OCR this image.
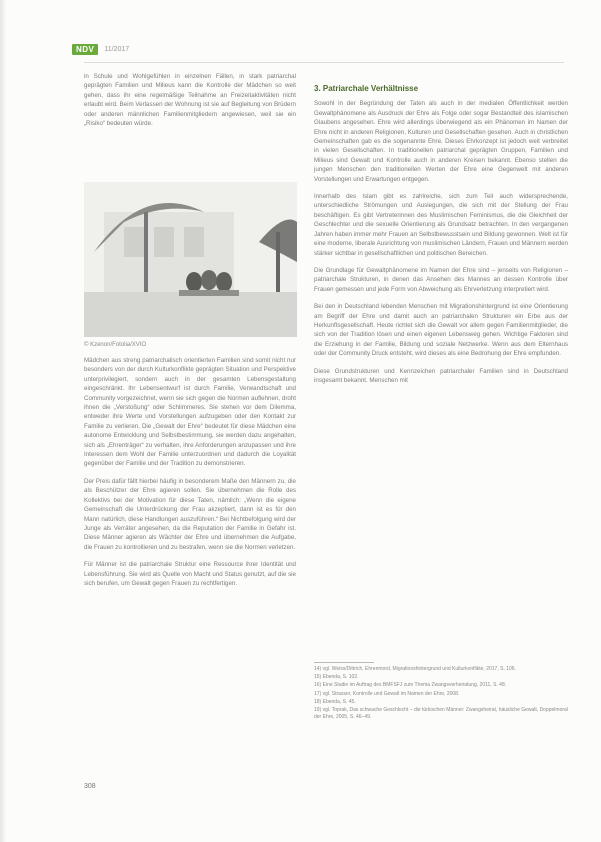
NDV	11/2017

in Schule und Wohlgefühlen in einzelnen Fällen, in stark patriarchal geprägten Familien und Milieus kann die Kontrolle der Mädchen so weit gehen, dass ihr eine regelmäßige Teilnahme an Freizeitaktivitäten nicht erlaubt wird. Beim Verlassen der Wohnung ist sie auf Begleitung von Brüdern oder anderen männlichen Familienmitgliedern angewiesen, weil sie ein „Risiko“ bedeuten würde.

© Kzenon/Fotolia/XVIO

Mädchen aus streng patriarchalisch orientierten Familien sind somit nicht nur besonders von der durch Kulturkonflikte geprägten Situation und Perspektive unterprivilegiert, sondern auch in der gesamten Lebensgestaltung eingeschränkt. Ihr Lebensentwurf ist durch Familie, Verwandtschaft und Community vorgezeichnet, wenn sie sich gegen die Normen auflehnen, droht ihnen die „Verstoßung“ oder Schlimmeres. Sie stehen vor dem Dilemma, entweder ihre Werte und Vorstellungen aufzugeben oder den Kontakt zur Familie zu verlieren. Die „Gewalt der Ehre“ bedeutet für diese Mädchen eine autonome Entwicklung und Selbstbestimmung, sie werden dazu angehalten, sich als „Ehrenträger“ zu verhalten, ihre Anforderungen anzupassen und ihre Interessen dem Wohl der Familie unterzuordnen und dadurch die Loyalität gegenüber der Familie und der Tradition zu demonstrieren.

Der Preis dafür fällt hierbei häufig in besonderem Maße den Männern zu, die als Beschützer der Ehre agieren sollen. Sie übernehmen die Rolle des Kollektivs bei der Motivation für diese Taten, nämlich: „Wenn die eigene Gemeinschaft die Unterdrückung der Frau akzeptiert, dann ist es für den Mann natürlich, diese Handlungen auszuführen.“ Bei Nichtbefolgung wird der Junge als Verräter angesehen, da die Reputation der Familie in Gefahr ist. Diese Männer agieren als Wächter der Ehre und übernehmen die Aufgabe, die Frauen zu kontrollieren und zu bestrafen, wenn sie die Normen verletzen.

Für Männer ist die patriarchale Struktur eine Ressource ihrer Identität und Lebensführung. Sie wird als Quelle von Macht und Status genutzt, auf die sie sich berufen, um Gewalt gegen Frauen zu rechtfertigen.

3. Patriarchale Verhältnisse

Sowohl in der Begründung der Taten als auch in der medialen Öffentlichkeit werden Gewaltphänomene als Ausdruck der Ehre als Folge oder sogar Bestandteil des islamischen Glaubens angesehen. Ehre wird allerdings überwiegend als ein Phänomen im Namen der Ehre nicht in anderen Religionen, Kulturen und Gesellschaften gesehen. Auch in christlichen Gemeinschaften gab es die sogenannte Ehre. Dieses Ehrkonzept ist jedoch weit verbreitet in vielen Gesellschaften. In traditionellen patriarchal geprägten Gruppen, Familien und Milieus sind Gewalt und Kontrolle auch in anderen Kreisen bekannt. Ebenso stellen die jungen Menschen den traditionellen Werten der Ehre eine Gegenwelt mit anderen Vorstellungen und Erwartungen entgegen.

Innerhalb des Islam gibt es zahlreiche, sich zum Teil auch widersprechende, unterschiedliche Strömungen und Auslegungen, die sich mit der Stellung der Frau beschäftigen. Es gibt Vertreterinnen des Muslimischen Feminismus, die die Gleichheit der Geschlechter und die sexuelle Orientierung als Grundsatz betrachten. In den vergangenen Jahren haben immer mehr Frauen an Selbstbewusstsein und Bildung gewonnen. Welt ist für eine moderne, liberale Ausrichtung von muslimischen Ländern, Frauen und Männern werden stärker sichtbar in gesellschaftlichen und politischen Bereichen.

Die Grundlage für Gewaltphänomene im Namen der Ehre sind – jenseits von Religionen – patriarchale Strukturen, in denen das Ansehen des Mannes an dessen Kontrolle über Frauen gemessen und jede Form von Abweichung als Ehrverletzung interpretiert wird.

Bei den in Deutschland lebenden Menschen mit Migrationshintergrund ist eine Orientierung am Begriff der Ehre und damit auch an patriarchalen Strukturen ein Erbe aus der Herkunftsgesellschaft. Heute richtet sich die Gewalt vor allem gegen Familienmitglieder, die sich von der Tradition lösen und einen eigenen Lebensweg gehen. Wichtige Faktoren sind die Erziehung in der Familie, Bildung und soziale Netzwerke. Wenn aus dem Elternhaus oder der Community Druck entsteht, wird dieses als eine Bedrohung der Ehre empfunden.

Diese Grundstrukturen und Kennzeichen patriarchaler Familien sind in Deutschland insgesamt bekannt. Menschen mit

14) vgl. Weiss/Dittrich, Ehrenmord, Migrationshintergrund und Kulturkonflikte, 2017, S. 106.
15) Ebenda, S. 102.
16) Eine Studie im Auftrag des BMFSFJ zum Thema Zwangsverheiratung, 2011, S. 48.
17) vgl. Strasser, Kontrolle und Gewalt im Namen der Ehre, 2008.
18) Ebenda, S. 45.
19) vgl. Toprak, Das schwache Geschlecht – die türkischen Männer: Zwangsheirat, häusliche Gewalt, Doppelmoral der Ehre, 2005, S. 46–49.
308
